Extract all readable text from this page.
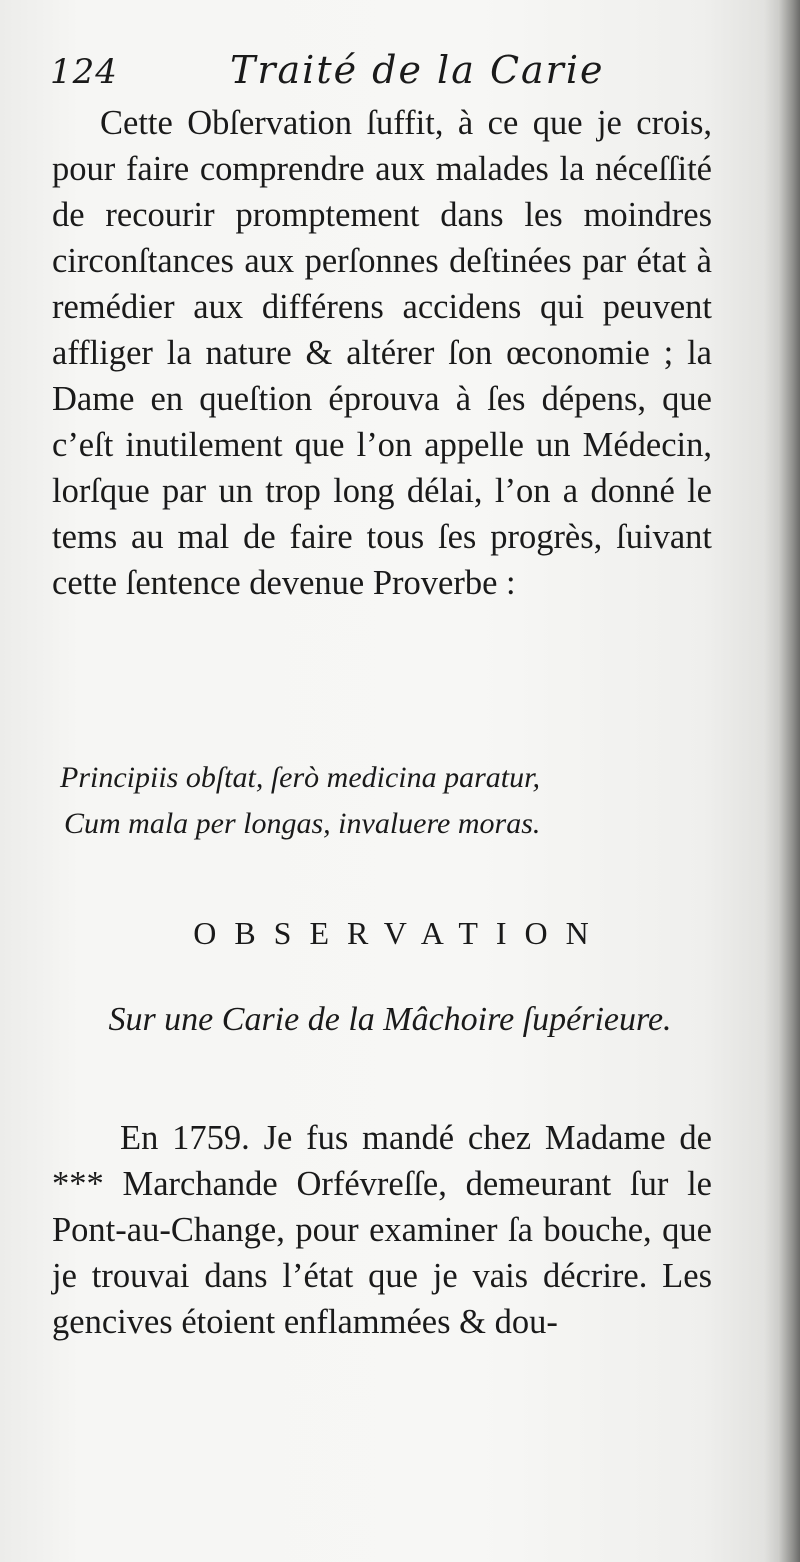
124	Traité de la Carie

Cette Obſervation ſuffit, à ce que je crois, pour faire comprendre aux malades la néceſſité de recourir promptement dans les moindres circonſtances aux perſonnes deſtinées par état à remédier aux différens accidens qui peuvent affliger la nature & altérer ſon œconomie ; la Dame en queſtion éprouva à ſes dépens, que c’eſt inutilement que l’on appelle un Médecin, lorſque par un trop long délai, l’on a donné le tems au mal de faire tous ſes progrès, ſuivant cette ſentence devenue Proverbe :

Principiis obſtat, ſerò medicina paratur,
Cum mala per longas, invaluere moras.
OBSERVATION
Sur une Carie de la Mâchoire ſupérieure.

En 1759. Je fus mandé chez Madame de *** Marchande Orfévreſſe, demeurant ſur le Pont-au-Change, pour examiner ſa bouche, que je trouvai dans l’état que je vais décrire. Les gencives étoient enflammées & dou-
